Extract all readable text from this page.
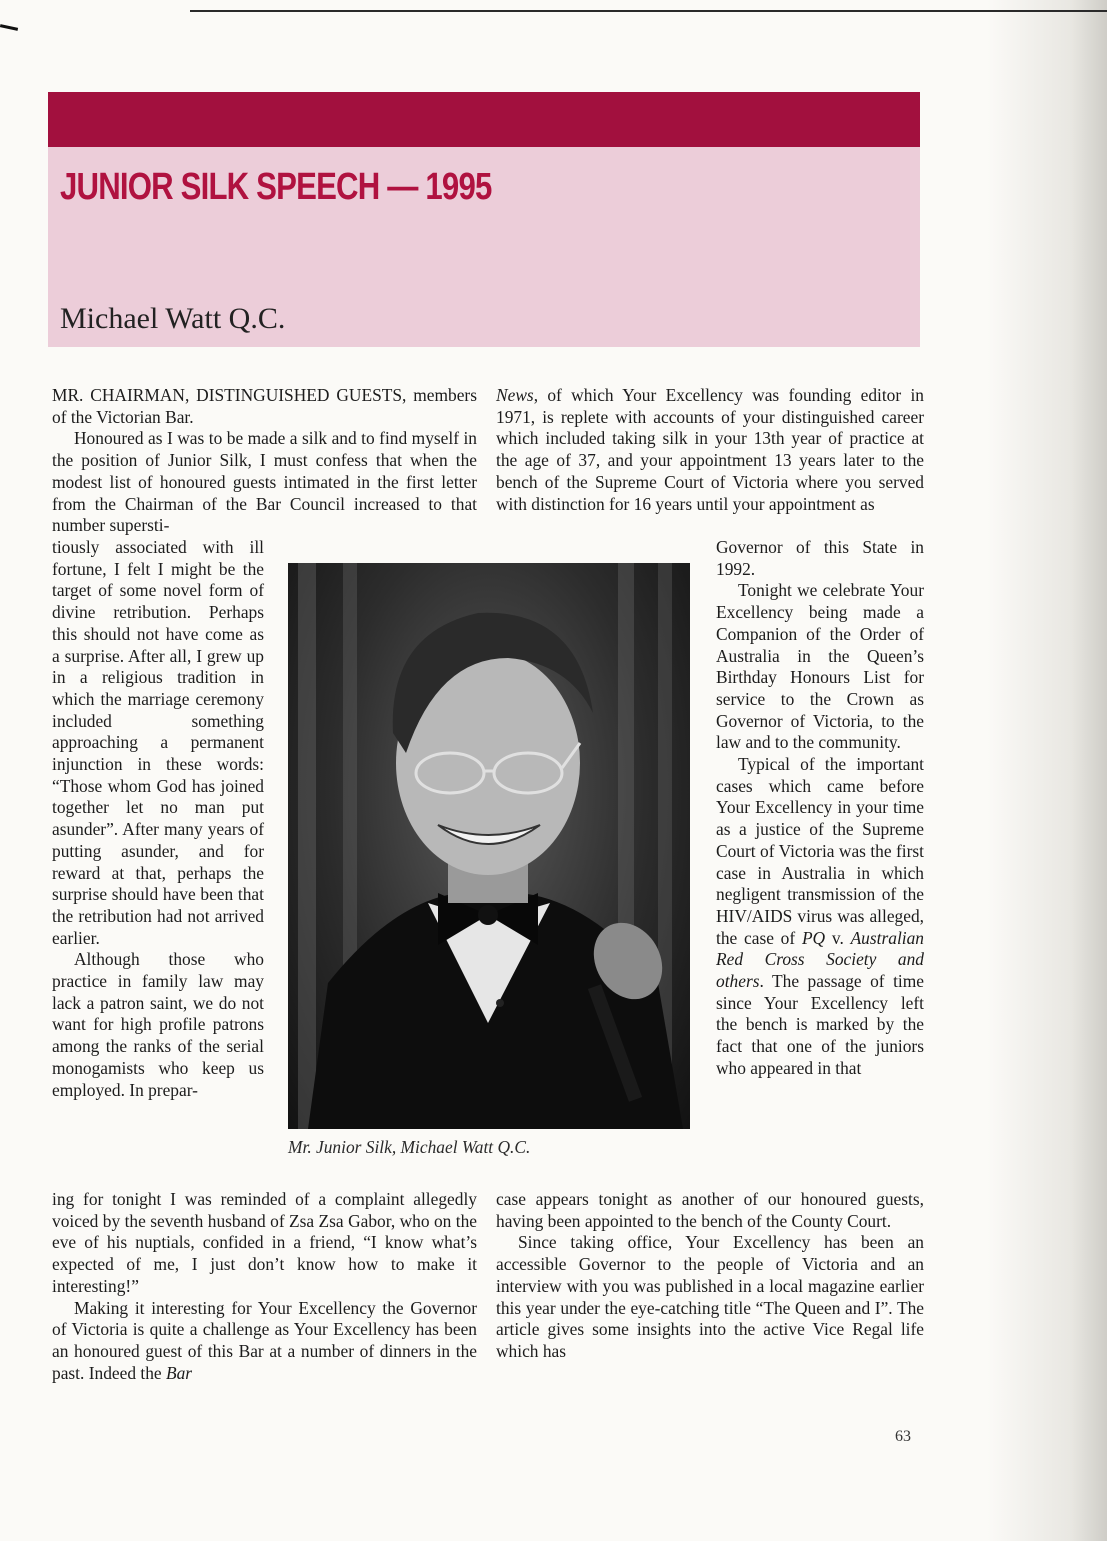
JUNIOR SILK SPEECH — 1995
Michael Watt Q.C.

MR. CHAIRMAN, DISTINGUISHED GUESTS, members of the Victorian Bar.

Honoured as I was to be made a silk and to find myself in the position of Junior Silk, I must confess that when the modest list of honoured guests intimated in the first letter from the Chairman of the Bar Council increased to that number supersti-

tiously associated with ill fortune, I felt I might be the target of some novel form of divine retribution. Perhaps this should not have come as a surprise. After all, I grew up in a religious tradition in which the marriage ceremony included something approaching a permanent injunction in these words: “Those whom God has joined together let no man put asunder”. After many years of putting asunder, and for reward at that, perhaps the surprise should have been that the retribution had not arrived earlier.

Although those who practice in family law may lack a patron saint, we do not want for high profile patrons among the ranks of the serial monogamists who keep us employed. In prepar-

ing for tonight I was reminded of a complaint allegedly voiced by the seventh husband of Zsa Zsa Gabor, who on the eve of his nuptials, confided in a friend, “I know what’s expected of me, I just don’t know how to make it interesting!”

Making it interesting for Your Excellency the Governor of Victoria is quite a challenge as Your Excellency has been an honoured guest of this Bar at a number of dinners in the past. Indeed the Bar

News, of which Your Excellency was founding editor in 1971, is replete with accounts of your distinguished career which included taking silk in your 13th year of practice at the age of 37, and your appointment 13 years later to the bench of the Supreme Court of Victoria where you served with distinction for 16 years until your appointment as

Governor of this State in 1992.

Tonight we celebrate Your Excellency being made a Companion of the Order of Australia in the Queen’s Birthday Honours List for service to the Crown as Governor of Victoria, to the law and to the community.

Typical of the important cases which came before Your Excellency in your time as a justice of the Supreme Court of Victoria was the first case in Australia in which negligent transmission of the HIV/AIDS virus was alleged, the case of PQ v. Australian Red Cross Society and others. The passage of time since Your Excellency left the bench is marked by the fact that one of the juniors who appeared in that

case appears tonight as another of our honoured guests, having been appointed to the bench of the County Court.

Since taking office, Your Excellency has been an accessible Governor to the people of Victoria and an interview with you was published in a local magazine earlier this year under the eye-catching title “The Queen and I”. The article gives some insights into the active Vice Regal life which has

Mr. Junior Silk, Michael Watt Q.C.
63
